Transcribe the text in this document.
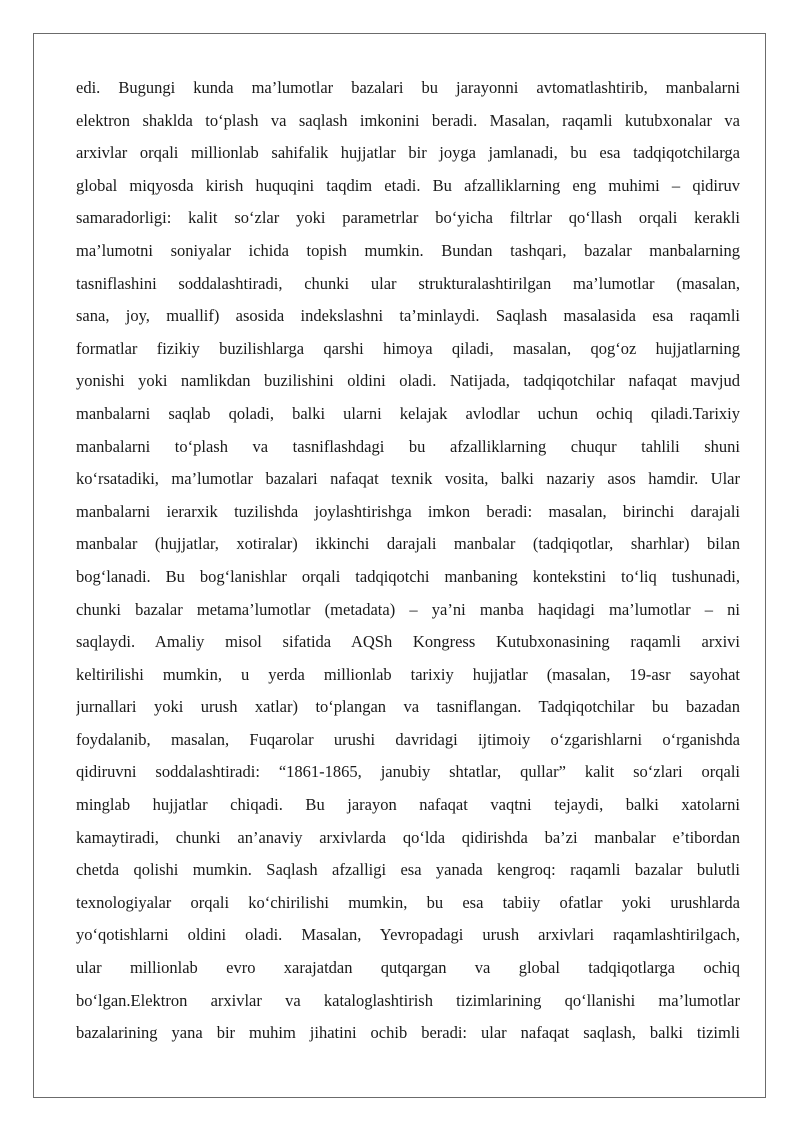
edi. Bugungi kunda ma’lumotlar bazalari bu jarayonni avtomatlashtirib, manbalarni
elektron shaklda to‘plash va saqlash imkonini beradi. Masalan, raqamli kutubxonalar va
arxivlar orqali millionlab sahifalik hujjatlar bir joyga jamlanadi, bu esa tadqiqotchilarga
global miqyosda kirish huquqini taqdim etadi. Bu afzalliklarning eng muhimi – qidiruv
samaradorligi: kalit so‘zlar yoki parametrlar bo‘yicha filtrlar qo‘llash orqali kerakli
ma’lumotni soniyalar ichida topish mumkin. Bundan tashqari, bazalar manbalarning
tasniflashini soddalashtiradi, chunki ular strukturalashtirilgan ma’lumotlar (masalan,
sana, joy, muallif) asosida indekslashni ta’minlaydi. Saqlash masalasida esa raqamli
formatlar fizikiy buzilishlarga qarshi himoya qiladi, masalan, qog‘oz hujjatlarning
yonishi yoki namlikdan buzilishini oldini oladi. Natijada, tadqiqotchilar nafaqat mavjud
manbalarni saqlab qoladi, balki ularni kelajak avlodlar uchun ochiq qiladi.Tarixiy
manbalarni to‘plash va tasniflashdagi bu afzalliklarning chuqur tahlili shuni
ko‘rsatadiki, ma’lumotlar bazalari nafaqat texnik vosita, balki nazariy asos hamdir. Ular
manbalarni ierarxik tuzilishda joylashtirishga imkon beradi: masalan, birinchi darajali
manbalar (hujjatlar, xotiralar) ikkinchi darajali manbalar (tadqiqotlar, sharhlar) bilan
bog‘lanadi. Bu bog‘lanishlar orqali tadqiqotchi manbaning kontekstini to‘liq tushunadi,
chunki bazalar metama’lumotlar (metadata) – ya’ni manba haqidagi ma’lumotlar – ni
saqlaydi. Amaliy misol sifatida AQSh Kongress Kutubxonasining raqamli arxivi
keltirilishi mumkin, u yerda millionlab tarixiy hujjatlar (masalan, 19-asr sayohat
jurnallari yoki urush xatlar) to‘plangan va tasniflangan. Tadqiqotchilar bu bazadan
foydalanib, masalan, Fuqarolar urushi davridagi ijtimoiy o‘zgarishlarni o‘rganishda
qidiruvni soddalashtiradi: “1861-1865, janubiy shtatlar, qullar” kalit so‘zlari orqali
minglab hujjatlar chiqadi. Bu jarayon nafaqat vaqtni tejaydi, balki xatolarni
kamaytiradi, chunki an’anaviy arxivlarda qo‘lda qidirishda ba’zi manbalar e’tibordan
chetda qolishi mumkin. Saqlash afzalligi esa yanada kengroq: raqamli bazalar bulutli
texnologiyalar orqali ko‘chirilishi mumkin, bu esa tabiiy ofatlar yoki urushlarda
yo‘qotishlarni oldini oladi. Masalan, Yevropadagi urush arxivlari raqamlashtirilgach,
ular millionlab evro xarajatdan qutqargan va global tadqiqotlarga ochiq
bo‘lgan.Elektron arxivlar va kataloglashtirish tizimlarining qo‘llanishi ma’lumotlar
bazalarining yana bir muhim jihatini ochib beradi: ular nafaqat saqlash, balki tizimli
